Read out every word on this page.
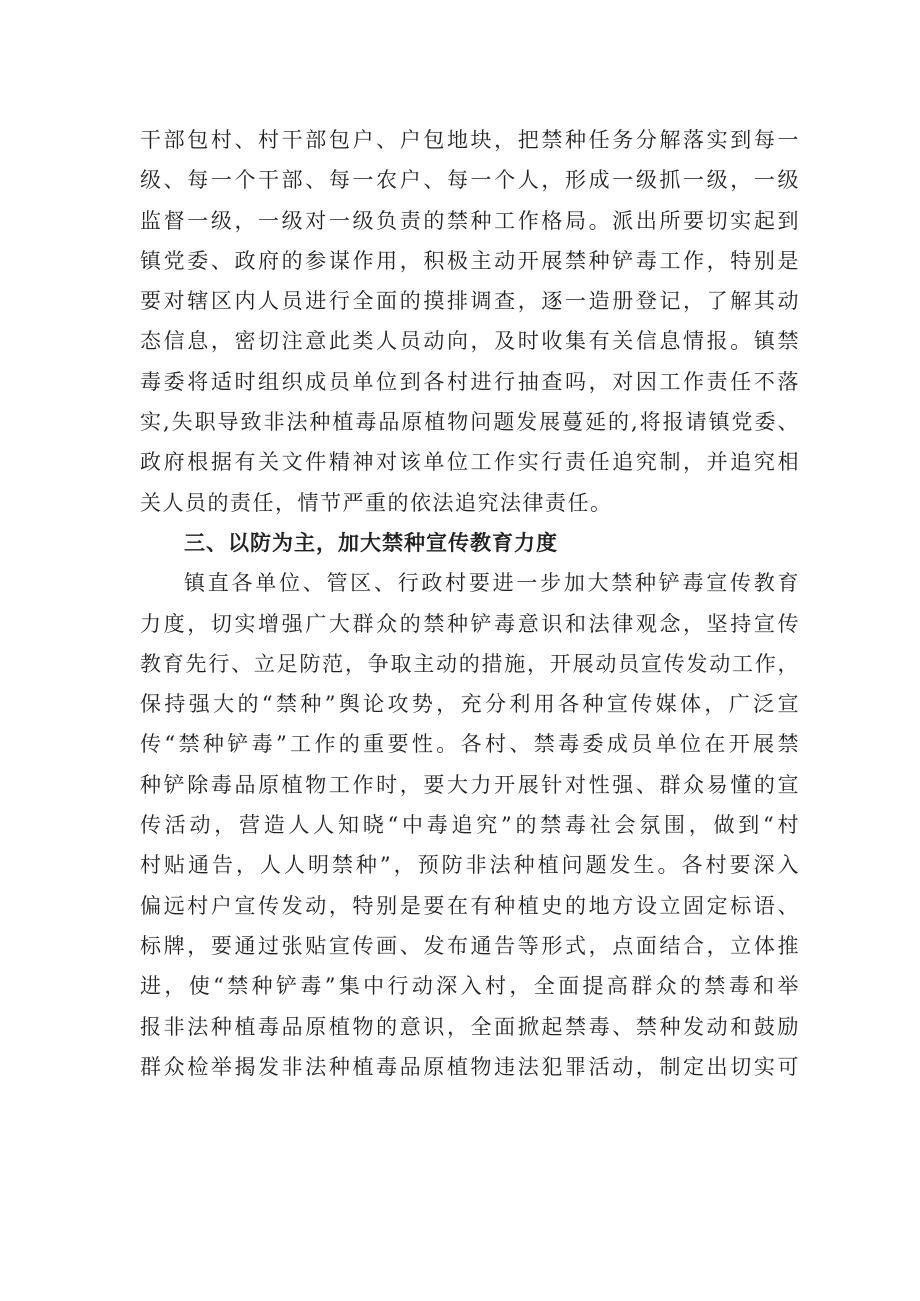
干部包村、村干部包户、户包地块，把禁种任务分解落实到每一
级、每一个干部、每一农户、每一个人，形成一级抓一级，一级
监督一级，一级对一级负责的禁种工作格局。派出所要切实起到
镇党委、政府的参谋作用，积极主动开展禁种铲毒工作，特别是
要对辖区内人员进行全面的摸排调查，逐一造册登记，了解其动
态信息，密切注意此类人员动向，及时收集有关信息情报。镇禁
毒委将适时组织成员单位到各村进行抽查吗，对因工作责任不落
实,失职导致非法种植毒品原植物问题发展蔓延的,将报请镇党委、
政府根据有关文件精神对该单位工作实行责任追究制，并追究相
关人员的责任，情节严重的依法追究法律责任。
三、以防为主，加大禁种宣传教育力度
镇直各单位、管区、行政村要进一步加大禁种铲毒宣传教育
力度，切实增强广大群众的禁种铲毒意识和法律观念，坚持宣传
教育先行、立足防范，争取主动的措施，开展动员宣传发动工作，
保持强大的“禁种”舆论攻势，充分利用各种宣传媒体，广泛宣
传“禁种铲毒”工作的重要性。各村、禁毒委成员单位在开展禁
种铲除毒品原植物工作时，要大力开展针对性强、群众易懂的宣
传活动，营造人人知晓“中毒追究”的禁毒社会氛围，做到“村
村贴通告，人人明禁种”，预防非法种植问题发生。各村要深入
偏远村户宣传发动，特别是要在有种植史的地方设立固定标语、
标牌，要通过张贴宣传画、发布通告等形式，点面结合，立体推
进，使“禁种铲毒”集中行动深入村，全面提高群众的禁毒和举
报非法种植毒品原植物的意识，全面掀起禁毒、禁种发动和鼓励
群众检举揭发非法种植毒品原植物违法犯罪活动，制定出切实可
